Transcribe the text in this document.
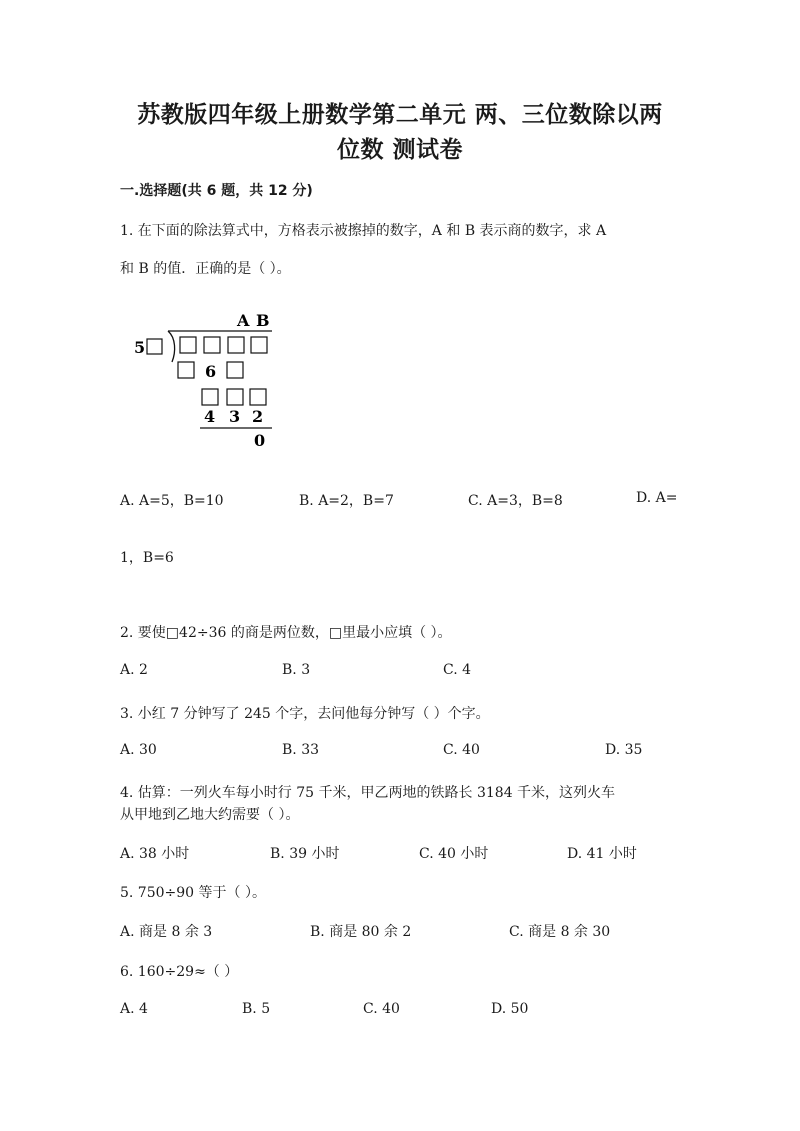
苏教版四年级上册数学第二单元 两、三位数除以两
位数 测试卷
一.选择题(共 6 题，共 12 分)
1. 在下面的除法算式中，方格表示被擦掉的数字，A 和 B 表示商的数字，求 A
和 B 的值．正确的是（ ）。
A B
5
6
4 3 2
0
A. A=5，B=10	B. A=2，B=7	C. A=3，B=8	D. A=
1，B=6
2. 要使□42÷36 的商是两位数，□里最小应填（ ）。
A. 2	B. 3	C. 4
3. 小红 7 分钟写了 245 个字，去问他每分钟写（ ）个字。
A. 30	B. 33	C. 40	D. 35
4. 估算：一列火车每小时行 75 千米，甲乙两地的铁路长 3184 千米，这列火车
从甲地到乙地大约需要（ ）。
A. 38 小时	B. 39 小时	C. 40 小时	D. 41 小时
5. 750÷90 等于（ ）。
A. 商是 8 余 3	B. 商是 80 余 2	C. 商是 8 余 30
6. 160÷29≈（ ）
A. 4	B. 5	C. 40	D. 50
